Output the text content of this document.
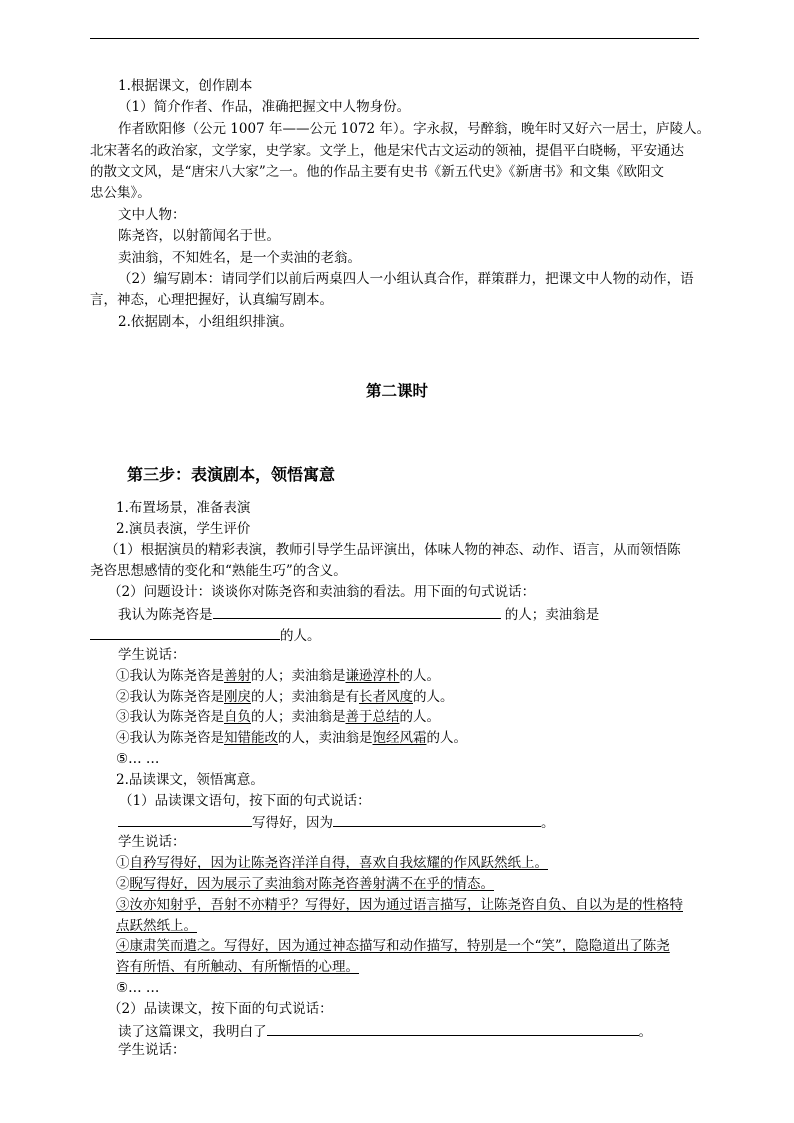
1.根据课文，创作剧本
（1）简介作者、作品，准确把握文中人物身份。
作者欧阳修（公元 1007 年——公元 1072 年）。字永叔，号醉翁，晚年时又好六一居士，庐陵人。
北宋著名的政治家，文学家，史学家。文学上，他是宋代古文运动的领袖，提倡平白晓畅，平安通达
的散文文风，是“唐宋八大家”之一。他的作品主要有史书《新五代史》《新唐书》和文集《欧阳文
忠公集》。
文中人物：
陈尧咨，以射箭闻名于世。
卖油翁，不知姓名，是一个卖油的老翁。
（2）编写剧本：请同学们以前后两桌四人一小组认真合作，群策群力，把课文中人物的动作，语
言，神态，心理把握好，认真编写剧本。
2.依据剧本，小组组织排演。
第二课时
第三步：表演剧本，领悟寓意
1.布置场景，准备表演
2.演员表演，学生评价
（1）根据演员的精彩表演，教师引导学生品评演出，体味人物的神态、动作、语言，从而领悟陈
尧咨思想感情的变化和“熟能生巧”的含义。
（2）问题设计：谈谈你对陈尧咨和卖油翁的看法。用下面的句式说话：
我认为陈尧咨是	的人；卖油翁是
的人。
学生说话：
①我认为陈尧咨是善射的人；卖油翁是谦逊淳朴的人。
②我认为陈尧咨是刚戾的人；卖油翁是有长者风度的人。
③我认为陈尧咨是自负的人；卖油翁是善于总结的人。
④我认为陈尧咨是知错能改的人，卖油翁是饱经风霜的人。
⑤… …
2.品读课文，领悟寓意。
（1）品读课文语句，按下面的句式说话：
写得好，因为	。
学生说话：
①自矜写得好，因为让陈尧咨洋洋自得，喜欢自我炫耀的作风跃然纸上。
②睨写得好，因为展示了卖油翁对陈尧咨善射满不在乎的情态。
③汝亦知射乎，吾射不亦精乎？写得好，因为通过语言描写，让陈尧咨自负、自以为是的性格特
点跃然纸上。
④康肃笑而遣之。写得好，因为通过神态描写和动作描写，特别是一个“笑”，隐隐道出了陈尧
咨有所悟、有所触动、有所惭悟的心理。
⑤… …
（2）品读课文，按下面的句式说话：
读了这篇课文，我明白了	。
学生说话：
